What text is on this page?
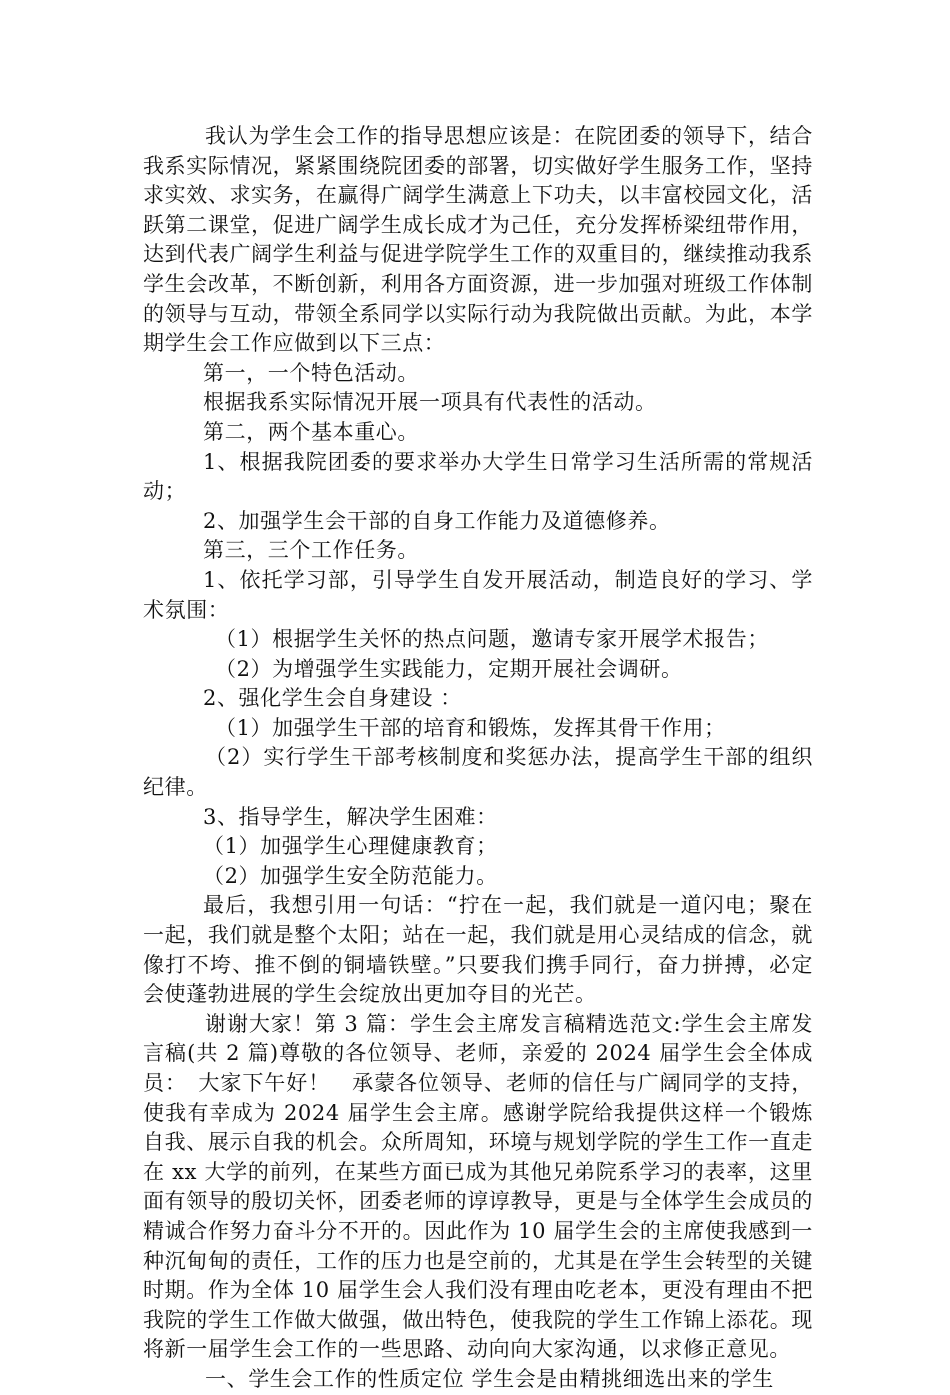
我认为学生会工作的指导思想应该是：在院团委的领导下，结合我系实际情况，紧紧围绕院团委的部署，切实做好学生服务工作，坚持求实效、求实务，在赢得广阔学生满意上下功夫，以丰富校园文化，活跃第二课堂，促进广阔学生成长成才为己任，充分发挥桥梁纽带作用，达到代表广阔学生利益与促进学院学生工作的双重目的，继续推动我系学生会改革，不断创新，利用各方面资源，进一步加强对班级工作体制的领导与互动，带领全系同学以实际行动为我院做出贡献。为此，本学期学生会工作应做到以下三点：

第一，一个特色活动。

根据我系实际情况开展一项具有代表性的活动。

第二，两个基本重心。

1、根据我院团委的要求举办大学生日常学习生活所需的常规活动；

2、加强学生会干部的自身工作能力及道德修养。

第三，三个工作任务。

1、依托学习部，引导学生自发开展活动，制造良好的学习、学术氛围：

（1）根据学生关怀的热点问题，邀请专家开展学术报告；

（2）为增强学生实践能力，定期开展社会调研。

2、强化学生会自身建设 ：

（1）加强学生干部的培育和锻炼，发挥其骨干作用；

（2）实行学生干部考核制度和奖惩办法，提高学生干部的组织纪律。

3、指导学生，解决学生困难：

（1）加强学生心理健康教育；

（2）加强学生安全防范能力。

最后，我想引用一句话：“拧在一起，我们就是一道闪电；聚在一起，我们就是整个太阳；站在一起，我们就是用心灵结成的信念，就像打不垮、推不倒的铜墙铁壁。”只要我们携手同行，奋力拼搏，必定会使蓬勃进展的学生会绽放出更加夺目的光芒。

谢谢大家！第 3 篇：学生会主席发言稿精选范文:学生会主席发言稿(共 2 篇)尊敬的各位领导、老师，亲爱的 2024 届学生会全体成员：　大家下午好！　承蒙各位领导、老师的信任与广阔同学的支持，使我有幸成为 2024 届学生会主席。感谢学院给我提供这样一个锻炼自我、展示自我的机会。众所周知，环境与规划学院的学生工作一直走在 xx 大学的前列，在某些方面已成为其他兄弟院系学习的表率，这里面有领导的殷切关怀，团委老师的谆谆教导，更是与全体学生会成员的精诚合作努力奋斗分不开的。因此作为 10 届学生会的主席使我感到一种沉甸甸的责任，工作的压力也是空前的，尤其是在学生会转型的关键时期。作为全体 10 届学生会人我们没有理由吃老本，更没有理由不把我院的学生工作做大做强，做出特色，使我院的学生工作锦上添花。现将新一届学生会工作的一些思路、动向向大家沟通，以求修正意见。

一、学生会工作的性质定位 学生会是由精挑细选出来的学生
